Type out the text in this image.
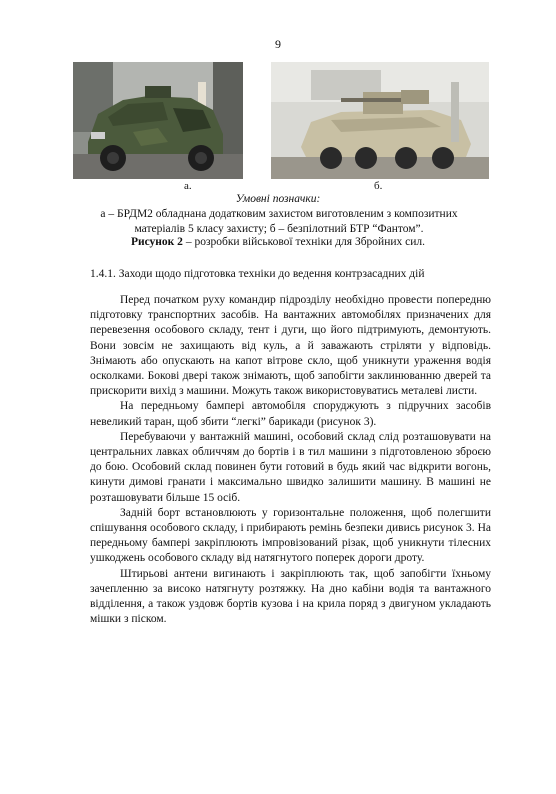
9
а.	б.
Умовні позначки:
а – БРДМ2 обладнана додатковим захистом виготовленим з композитних матеріалів 5 класу захисту; б – безпілотний БТР “Фантом”.
Рисунок 2 – розробки військової техніки для Збройних сил.
1.4.1. Заходи щодо підготовка техніки до ведення контрзасадних дій

Перед початком руху командир підрозділу необхідно провести попередню підготовку транспортних засобів. На вантажних автомобілях призначених для перевезення особового складу, тент і дуги, що його підтримують, демонтують. Вони зовсім не захищають від куль, а й заважають стріляти у відповідь. Знімають або опускають на капот вітрове скло, щоб уникнути ураження водія осколками. Бокові двері також знімають, щоб запобігти заклинюванню дверей та прискорити вихід з машини. Можуть також використовуватись металеві листи.

На передньому бампері автомобіля споруджують з підручних засобів невеликий таран, щоб збити “легкі” барикади (рисунок 3).

Перебуваючи у вантажній машині, особовий склад слід розташовувати на центральних лавках обличчям до бортів і в тил машини з підготовленою зброєю до бою. Особовий склад повинен бути готовий в будь який час відкрити вогонь, кинути димові гранати і максимально швидко залишити машину. В машині не розташовувати більше 15 осіб.

Задній борт встановлюють у горизонтальне положення, щоб полегшити спішування особового складу, і прибирають ремінь безпеки дивись рисунок 3. На передньому бампері закріплюють імпровізований різак, щоб уникнути тілесних ушкоджень особового складу від натягнутого поперек дороги дроту.

Штирьові антени вигинають і закріплюють так, щоб запобігти їхньому зачепленню за високо натягнуту розтяжку. На дно кабіни водія та вантажного відділення, а також уздовж бортів кузова і на крила поряд з двигуном укладають мішки з піском.
